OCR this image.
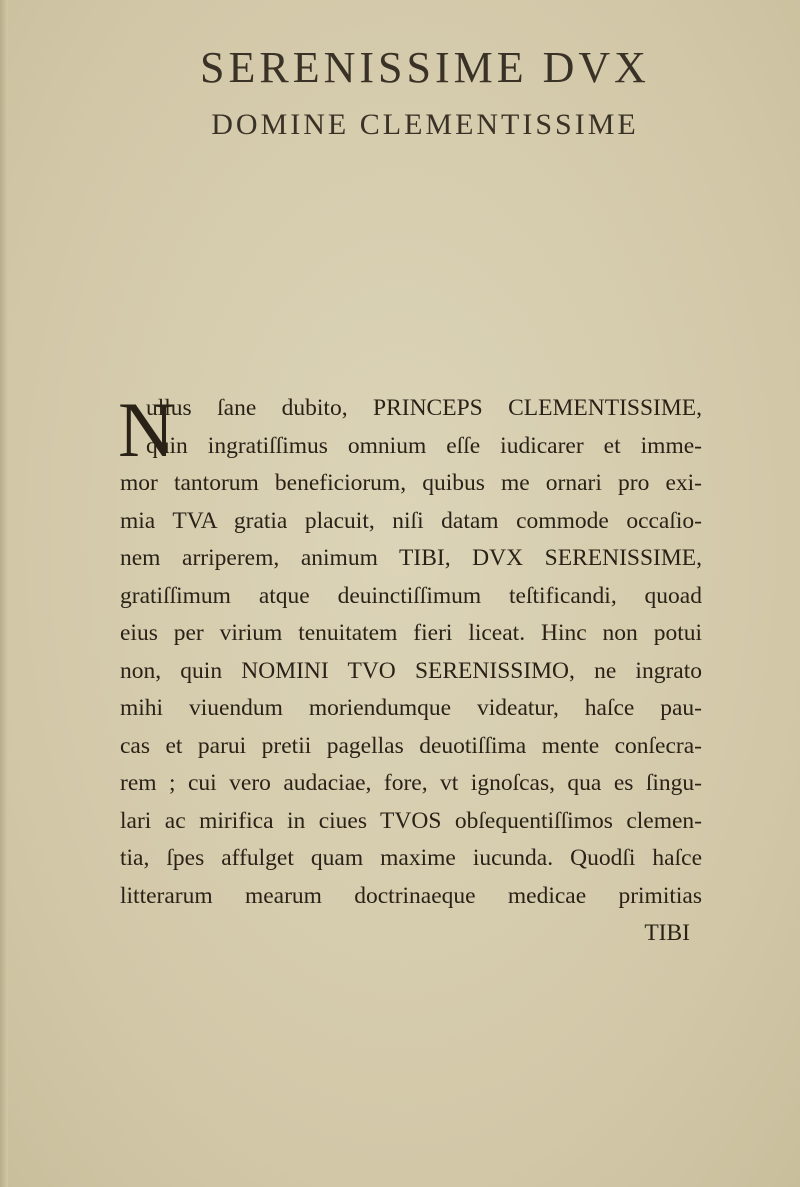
SERENISSIME DVX
DOMINE CLEMENTISSIME
N
ullus ſane dubito, PRINCEPS CLEMENTISSIME,
quin ingratiſſimus omnium eſſe iudicarer et imme-
mor tantorum beneficiorum, quibus me ornari pro exi-
mia TVA gratia placuit, niſi datam commode occaſio-
nem arriperem, animum TIBI, DVX SERENISSIME,
gratiſſimum atque deuinctiſſimum teſtificandi, quoad
eius per virium tenuitatem fieri liceat. Hinc non potui
non, quin NOMINI TVO SERENISSIMO, ne ingrato
mihi viuendum moriendumque videatur, haſce pau-
cas et parui pretii pagellas deuotiſſima mente conſecra-
rem ; cui vero audaciae, fore, vt ignoſcas, qua es ſingu-
lari ac mirifica in ciues TVOS obſequentiſſimos clemen-
tia, ſpes affulget quam maxime iucunda. Quodſi haſce
litterarum mearum doctrinaeque medicae primitias
TIBI
